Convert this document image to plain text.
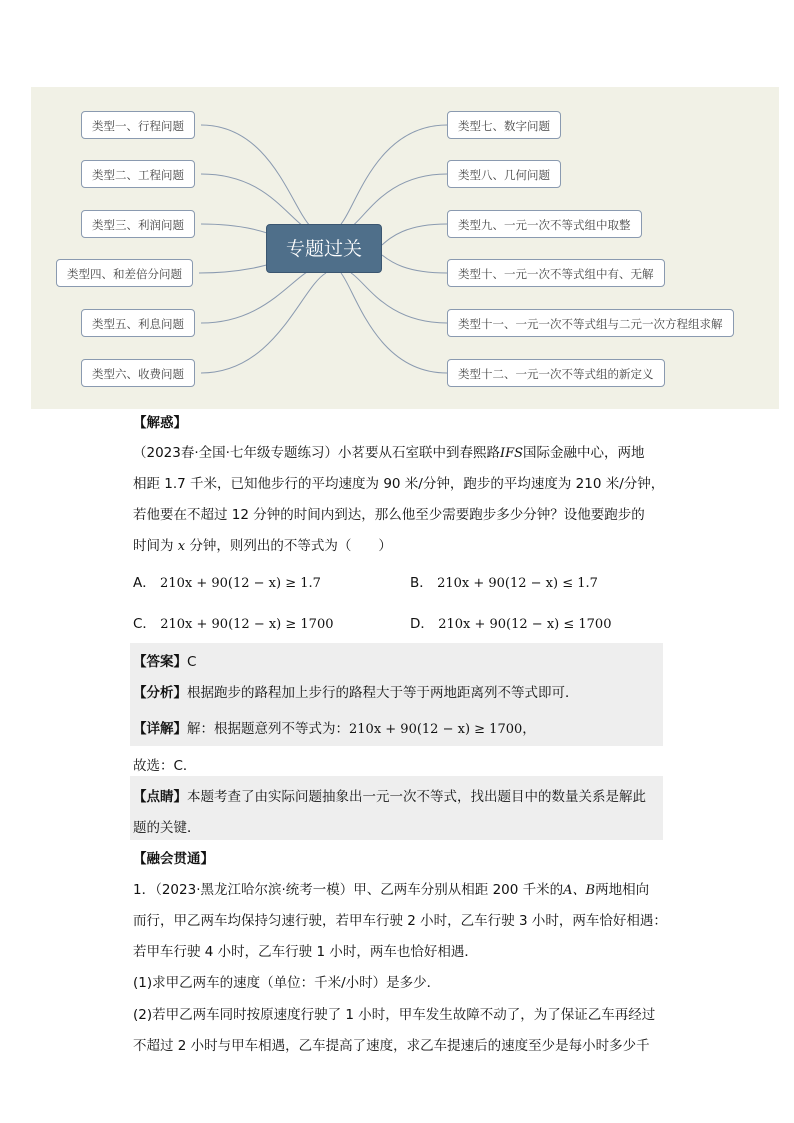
类型一、行程问题
类型二、工程问题
类型三、利润问题
类型四、和差倍分问题
类型五、利息问题
类型六、收费问题
专题过关
类型七、数字问题
类型八、几何问题
类型九、一元一次不等式组中取整
类型十、一元一次不等式组中有、无解
类型十一、一元一次不等式组与二元一次方程组求解
类型十二、一元一次不等式组的新定义
【解惑】
（2023春·全国·七年级专题练习）小茗要从石室联中到春熙路IFS国际金融中心，两地
相距 1.7 千米，已知他步行的平均速度为 90 米/分钟，跑步的平均速度为 210 米/分钟，
若他要在不超过 12 分钟的时间内到达，那么他至少需要跑步多少分钟？设他要跑步的
时间为 x 分钟，则列出的不等式为（　　）
A． 210x + 90(12 − x) ≥ 1.7	B． 210x + 90(12 − x) ≤ 1.7
C． 210x + 90(12 − x) ≥ 1700	D． 210x + 90(12 − x) ≤ 1700
【答案】C
【分析】根据跑步的路程加上步行的路程大于等于两地距离列不等式即可．
【详解】解：根据题意列不等式为：210x + 90(12 − x) ≥ 1700，
故选：C．
【点睛】本题考查了由实际问题抽象出一元一次不等式，找出题目中的数量关系是解此
题的关键．
【融会贯通】
1．（2023·黑龙江哈尔滨·统考一模）甲、乙两车分别从相距 200 千米的A、B两地相向
而行，甲乙两车均保持匀速行驶，若甲车行驶 2 小时，乙车行驶 3 小时，两车恰好相遇：
若甲车行驶 4 小时，乙车行驶 1 小时，两车也恰好相遇．
(1)求甲乙两车的速度（单位：千米/小时）是多少．
(2)若甲乙两车同时按原速度行驶了 1 小时，甲车发生故障不动了，为了保证乙车再经过
不超过 2 小时与甲车相遇，乙车提高了速度，求乙车提速后的速度至少是每小时多少千
